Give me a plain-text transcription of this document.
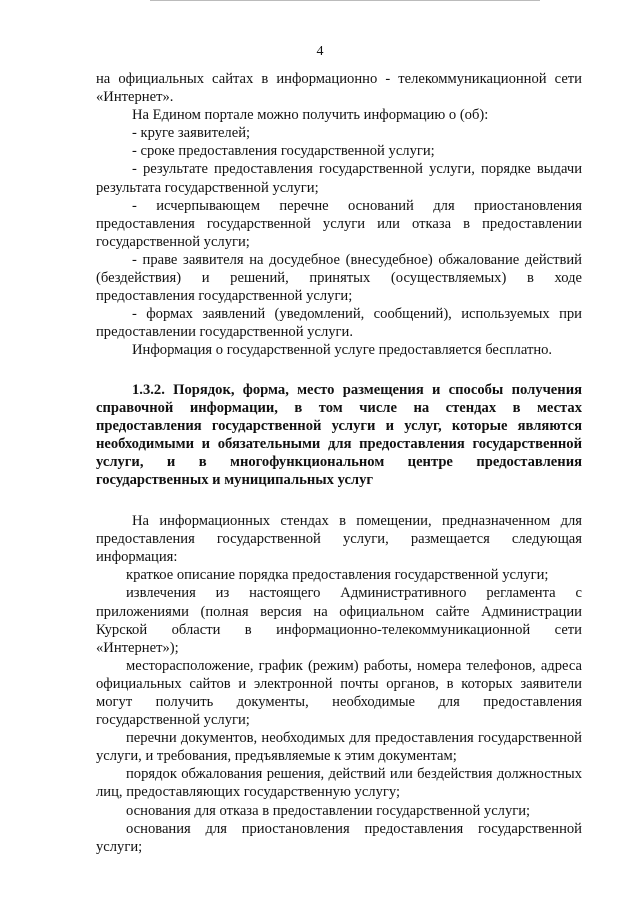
4

на официальных сайтах в информационно - телекоммуникационной сети «Интернет».

На Едином портале можно получить информацию о (об):

- круге заявителей;

- сроке предоставления государственной услуги;

- результате предоставления государственной услуги, порядке выдачи результата государственной услуги;

- исчерпывающем перечне оснований для приостановления предоставления государственной услуги или отказа в предоставлении государственной услуги;

- праве заявителя на досудебное (внесудебное) обжалование действий (бездействия) и решений, принятых (осуществляемых) в ходе предоставления государственной услуги;

- формах заявлений (уведомлений, сообщений), используемых при предоставлении государственной услуги.

Информация о государственной услуге предоставляется бесплатно.

1.3.2. Порядок, форма, место размещения и способы получения справочной информации, в том числе на стендах в местах предоставления государственной услуги и услуг, которые являются необходимыми и обязательными для предоставления государственной услуги, и в многофункциональном центре предоставления государственных и муниципальных услуг

На информационных стендах в помещении, предназначенном для предоставления государственной услуги, размещается следующая информация:

краткое описание порядка предоставления государственной услуги;

извлечения из настоящего Административного регламента с приложениями (полная версия на официальном сайте Администрации Курской области в информационно-телекоммуникационной сети «Интернет»);

месторасположение, график (режим) работы, номера телефонов, адреса официальных сайтов и электронной почты органов, в которых заявители могут получить документы, необходимые для предоставления государственной услуги;

перечни документов, необходимых для предоставления государственной услуги, и требования, предъявляемые к этим документам;

порядок обжалования решения, действий или бездействия должностных лиц, предоставляющих государственную услугу;

основания для отказа в предоставлении государственной услуги;

основания для приостановления предоставления государственной услуги;
